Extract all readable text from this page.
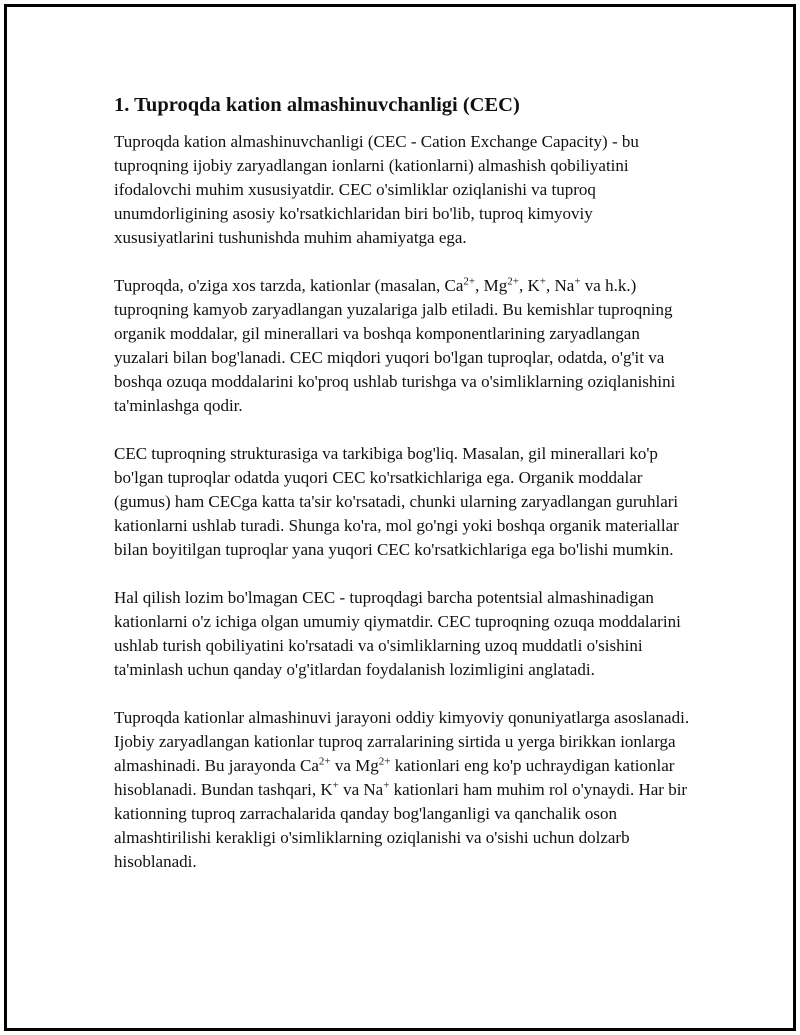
1. Tuproqda kation almashinuvchanligi (CEC)

Tuproqda kation almashinuvchanligi (CEC - Cation Exchange Capacity) - bu tuproqning ijobiy zaryadlangan ionlarni (kationlarni) almashish qobiliyatini ifodalovchi muhim xususiyatdir. CEC o'simliklar oziqlanishi va tuproq unumdorligining asosiy ko'rsatkichlaridan biri bo'lib, tuproq kimyoviy xususiyatlarini tushunishda muhim ahamiyatga ega.

Tuproqda, o'ziga xos tarzda, kationlar (masalan, $Ca^{2+}$, $Mg^{2+}$, K+, Na+ va h.k.) tuproqning kamyob zaryadlangan yuzalariga jalb etiladi. Bu kemishlar tuproqning organik moddalar, gil minerallari va boshqa komponentlarining zaryadlangan yuzalari bilan bog'lanadi. CEC miqdori yuqori bo'lgan tuproqlar, odatda, o'g'it va boshqa ozuqa moddalarini ko'proq ushlab turishga va o'simliklarning oziqlanishini ta'minlashga qodir.

CEC tuproqning strukturasiga va tarkibiga bog'liq. Masalan, gil minerallari ko'p bo'lgan tuproqlar odatda yuqori CEC ko'rsatkichlariga ega. Organik moddalar (gumus) ham CECga katta ta'sir ko'rsatadi, chunki ularning zaryadlangan guruhlari kationlarni ushlab turadi. Shunga ko'ra, mol go'ngi yoki boshqa organik materiallar bilan boyitilgan tuproqlar yana yuqori CEC ko'rsatkichlariga ega bo'lishi mumkin.

Hal qilish lozim bo'lmagan CEC - tuproqdagi barcha potentsial almashinadigan kationlarni o'z ichiga olgan umumiy qiymatdir. CEC tuproqning ozuqa moddalarini ushlab turish qobiliyatini ko'rsatadi va o'simliklarning uzoq muddatli o'sishini ta'minlash uchun qanday o'g'itlardan foydalanish lozimligini anglatadi.

Tuproqda kationlar almashinuvi jarayoni oddiy kimyoviy qonuniyatlarga asoslanadi. Ijobiy zaryadlangan kationlar tuproq zarralarining sirtida u yerga birikkan ionlarga almashinadi. Bu jarayonda $Ca^{2+}$ va $Mg^{2+}$ kationlari eng ko'p uchraydigan kationlar hisoblanadi. Bundan tashqari, K+ va Na+ kationlari ham muhim rol o'ynaydi. Har bir kationning tuproq zarrachalarida qanday bog'langanligi va qanchalik oson almashtirilishi kerakligi o'simliklarning oziqlanishi va o'sishi uchun dolzarb hisoblanadi.
